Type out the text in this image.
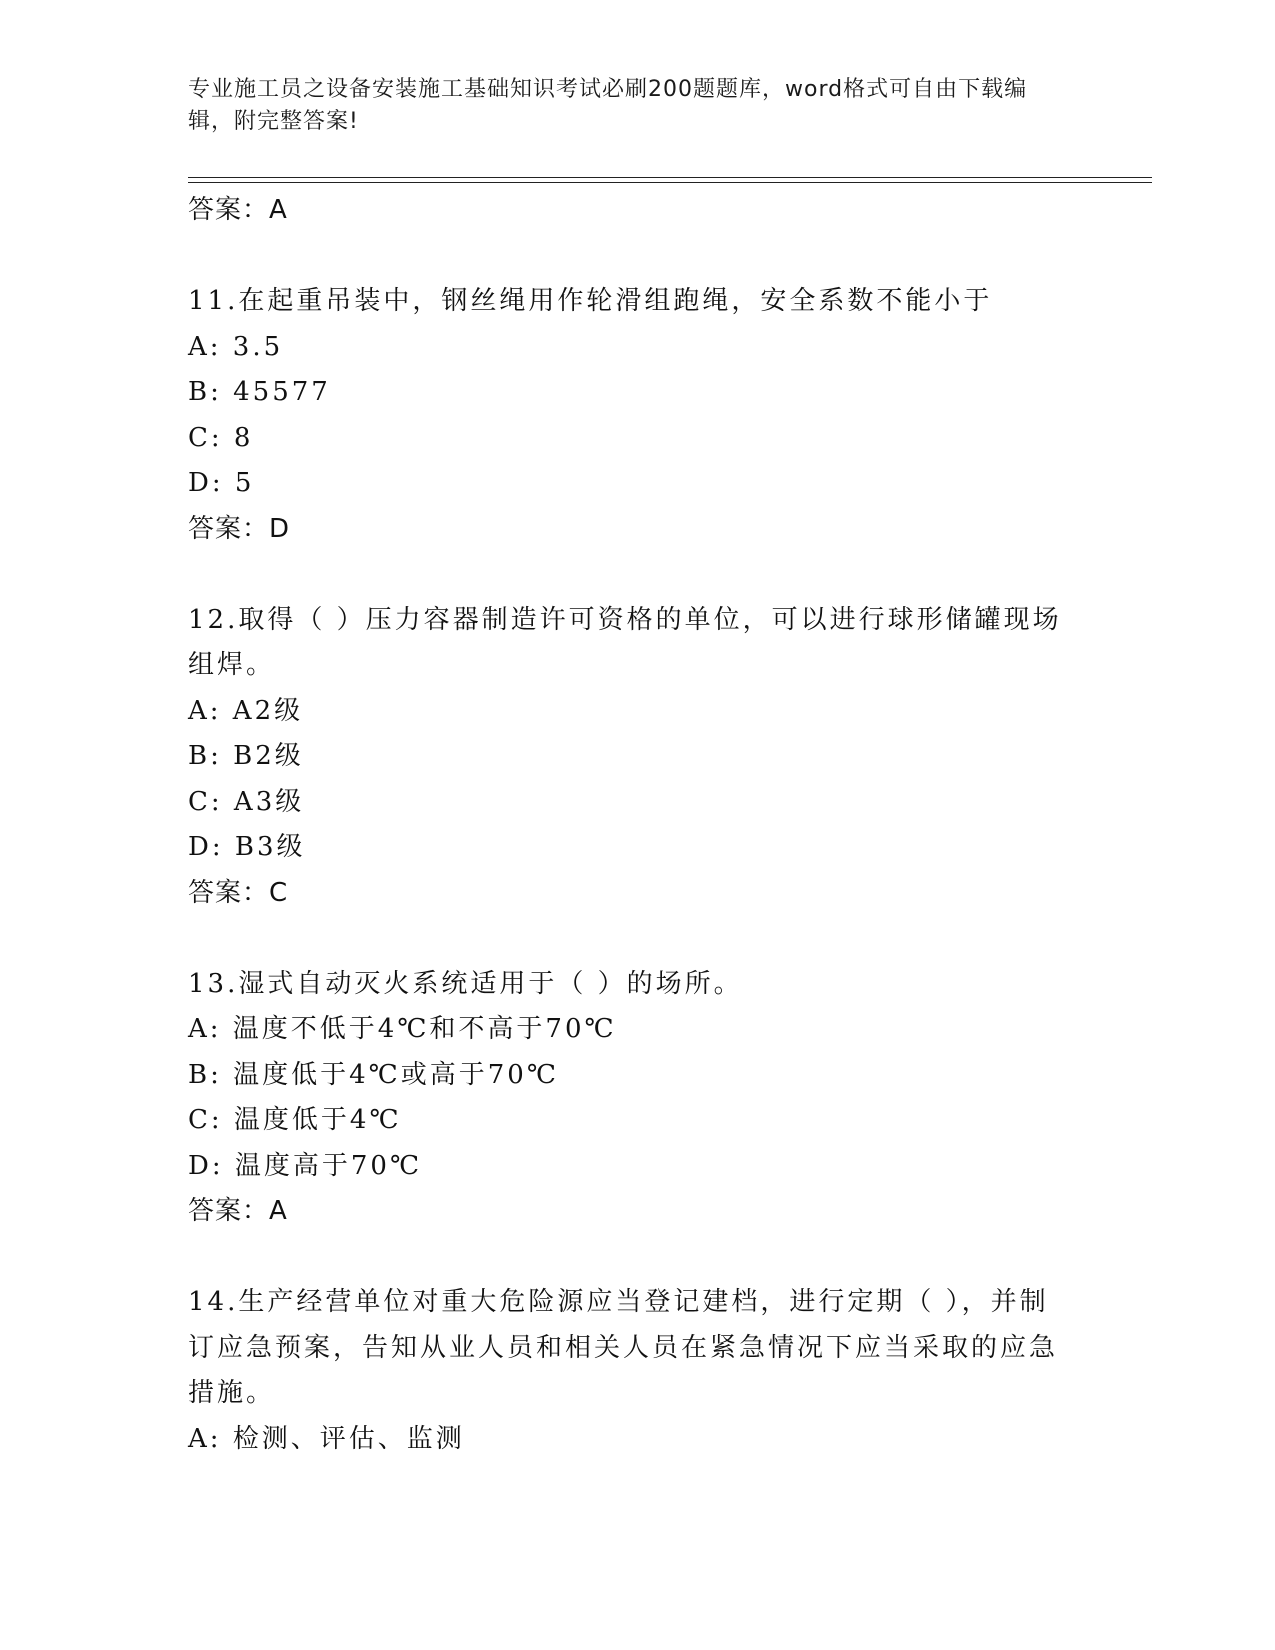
专业施工员之设备安装施工基础知识考试必刷200题题库，word格式可自由下载编辑，附完整答案!
答案：A
11.在起重吊装中，钢丝绳用作轮滑组跑绳，安全系数不能小于
A: 3.5
B: 45577
C: 8
D: 5
答案：D
12.取得（ ）压力容器制造许可资格的单位，可以进行球形储罐现场组焊。
A: A2级
B: B2级
C: A3级
D: B3级
答案：C
13.湿式自动灭火系统适用于（ ）的场所。
A: 温度不低于4℃和不高于70℃
B: 温度低于4℃或高于70℃
C: 温度低于4℃
D: 温度高于70℃
答案：A
14.生产经营单位对重大危险源应当登记建档，进行定期（ ），并制订应急预案，告知从业人员和相关人员在紧急情况下应当采取的应急措施。
A: 检测、评估、监测
